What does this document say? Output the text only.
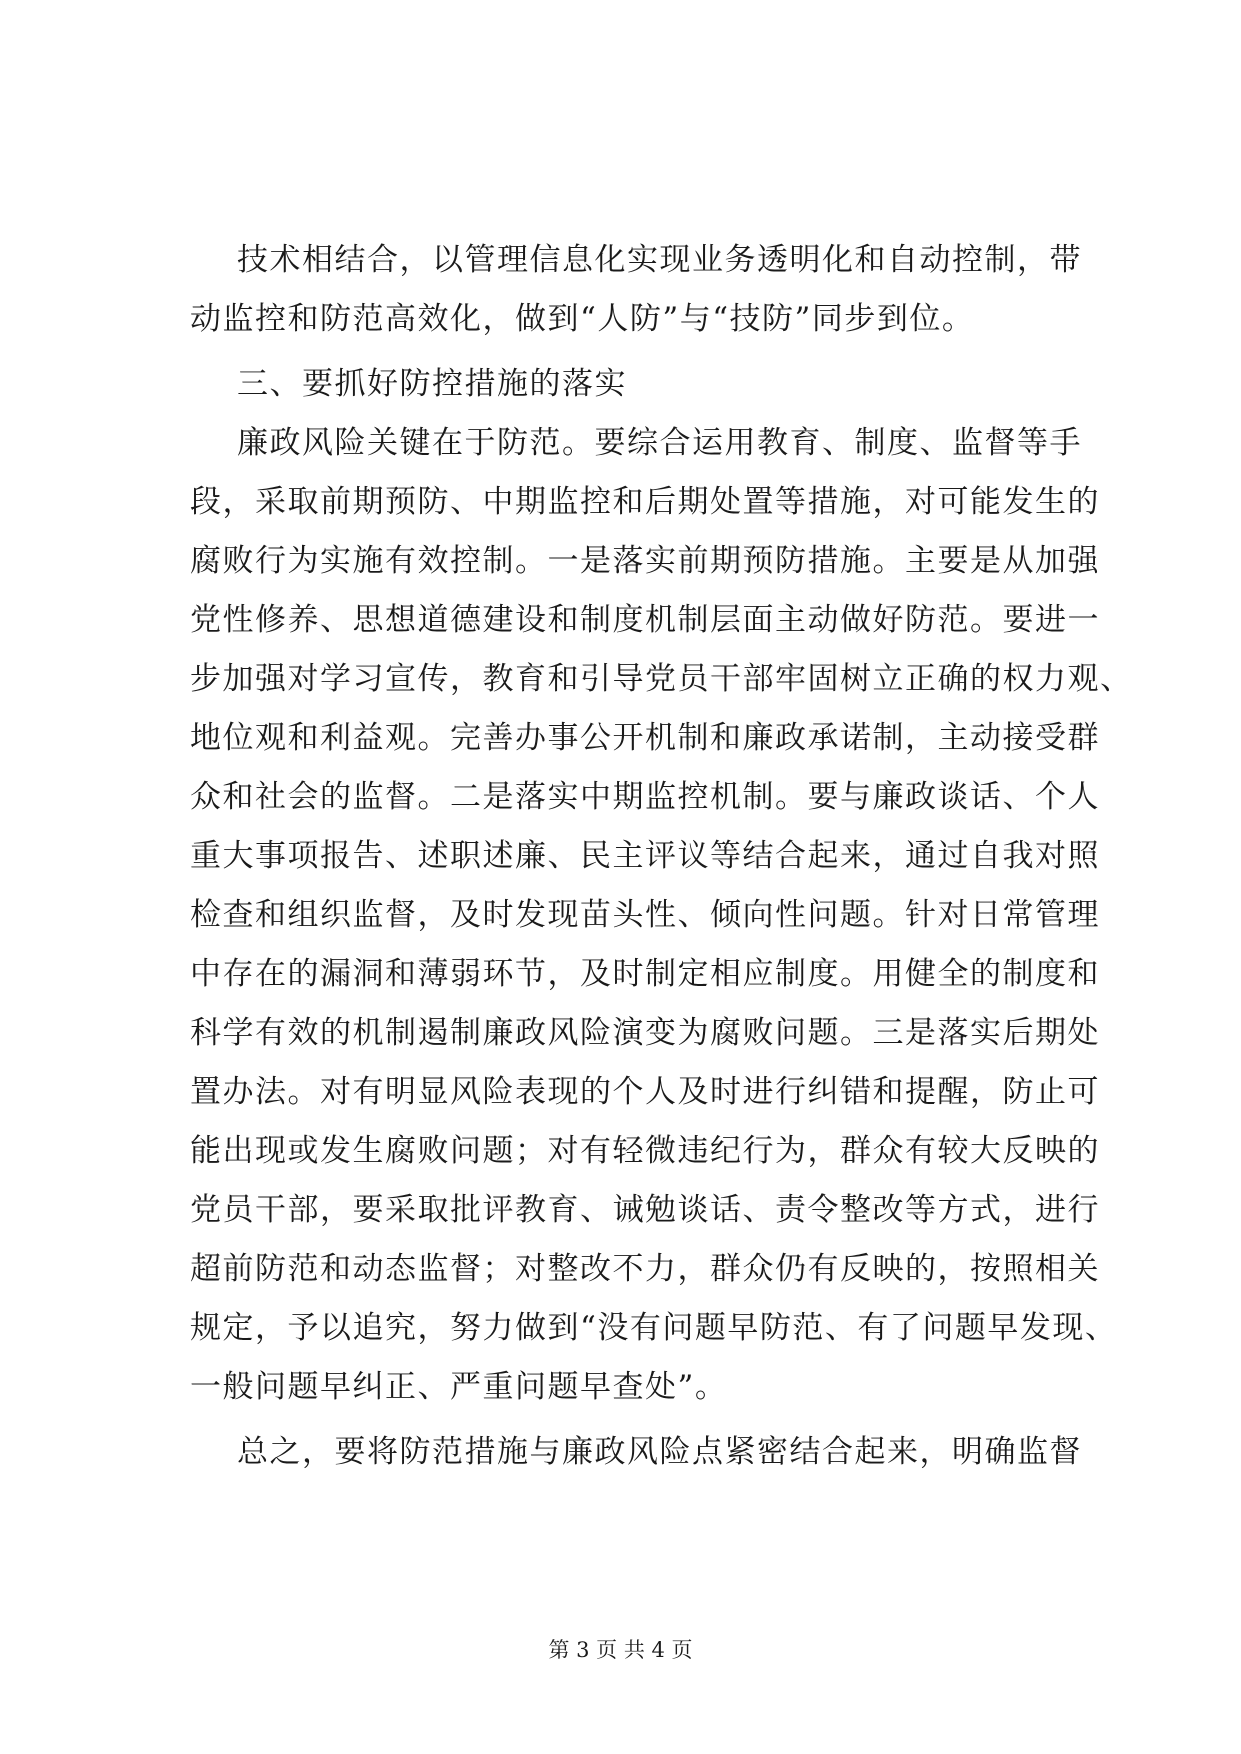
技术相结合，以管理信息化实现业务透明化和自动控制，带
动监控和防范高效化，做到“人防”与“技防”同步到位。

三、要抓好防控措施的落实

廉政风险关键在于防范。要综合运用教育、制度、监督等手
段，采取前期预防、中期监控和后期处置等措施，对可能发生的
腐败行为实施有效控制。一是落实前期预防措施。主要是从加强
党性修养、思想道德建设和制度机制层面主动做好防范。要进一
步加强对学习宣传，教育和引导党员干部牢固树立正确的权力观、
地位观和利益观。完善办事公开机制和廉政承诺制，主动接受群
众和社会的监督。二是落实中期监控机制。要与廉政谈话、个人
重大事项报告、述职述廉、民主评议等结合起来，通过自我对照
检查和组织监督，及时发现苗头性、倾向性问题。针对日常管理
中存在的漏洞和薄弱环节，及时制定相应制度。用健全的制度和
科学有效的机制遏制廉政风险演变为腐败问题。三是落实后期处
置办法。对有明显风险表现的个人及时进行纠错和提醒，防止可
能出现或发生腐败问题；对有轻微违纪行为，群众有较大反映的
党员干部，要采取批评教育、诫勉谈话、责令整改等方式，进行
超前防范和动态监督；对整改不力，群众仍有反映的，按照相关
规定，予以追究，努力做到“没有问题早防范、有了问题早发现、
一般问题早纠正、严重问题早查处”。

总之，要将防范措施与廉政风险点紧密结合起来，明确监督

第 3 页 共 4 页
